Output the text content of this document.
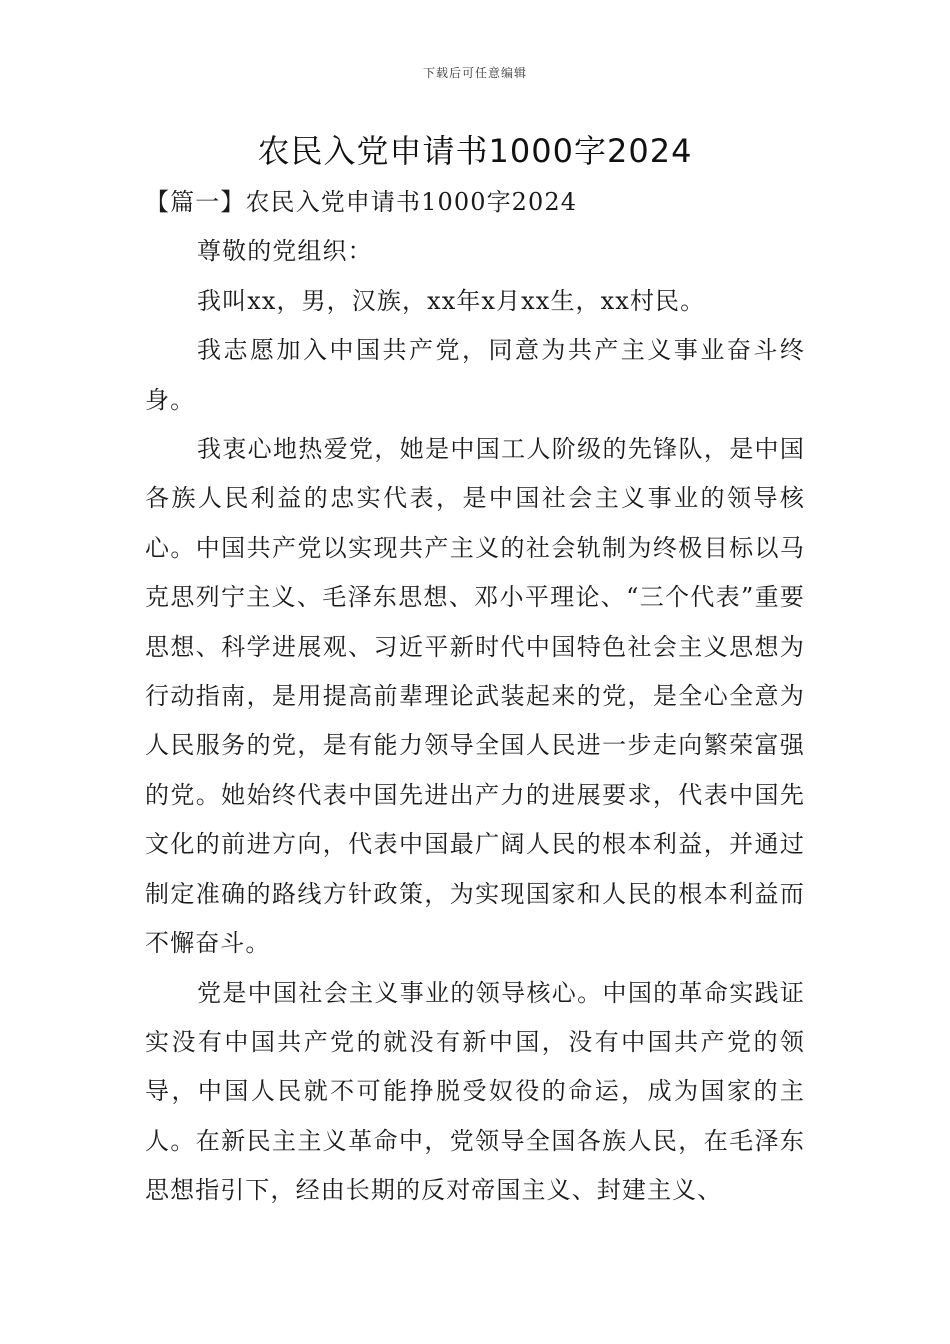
下载后可任意编辑

农民入党申请书1000字2024

【篇一】农民入党申请书1000字2024

尊敬的党组织：

我叫xx，男，汉族，xx年x月xx生，xx村民。

我志愿加入中国共产党，同意为共产主义事业奋斗终身。

我衷心地热爱党，她是中国工人阶级的先锋队，是中国各族人民利益的忠实代表，是中国社会主义事业的领导核心。中国共产党以实现共产主义的社会轨制为终极目标以马克思列宁主义、毛泽东思想、邓小平理论、“三个代表”重要思想、科学进展观、习近平新时代中国特色社会主义思想为行动指南，是用提高前辈理论武装起来的党，是全心全意为人民服务的党，是有能力领导全国人民进一步走向繁荣富强的党。她始终代表中国先进出产力的进展要求，代表中国先文化的前进方向，代表中国最广阔人民的根本利益，并通过制定准确的路线方针政策，为实现国家和人民的根本利益而不懈奋斗。

党是中国社会主义事业的领导核心。中国的革命实践证实没有中国共产党的就没有新中国，没有中国共产党的领导，中国人民就不可能挣脱受奴役的命运，成为国家的主人。在新民主主义革命中，党领导全国各族人民，在毛泽东思想指引下，经由长期的反对帝国主义、封建主义、
